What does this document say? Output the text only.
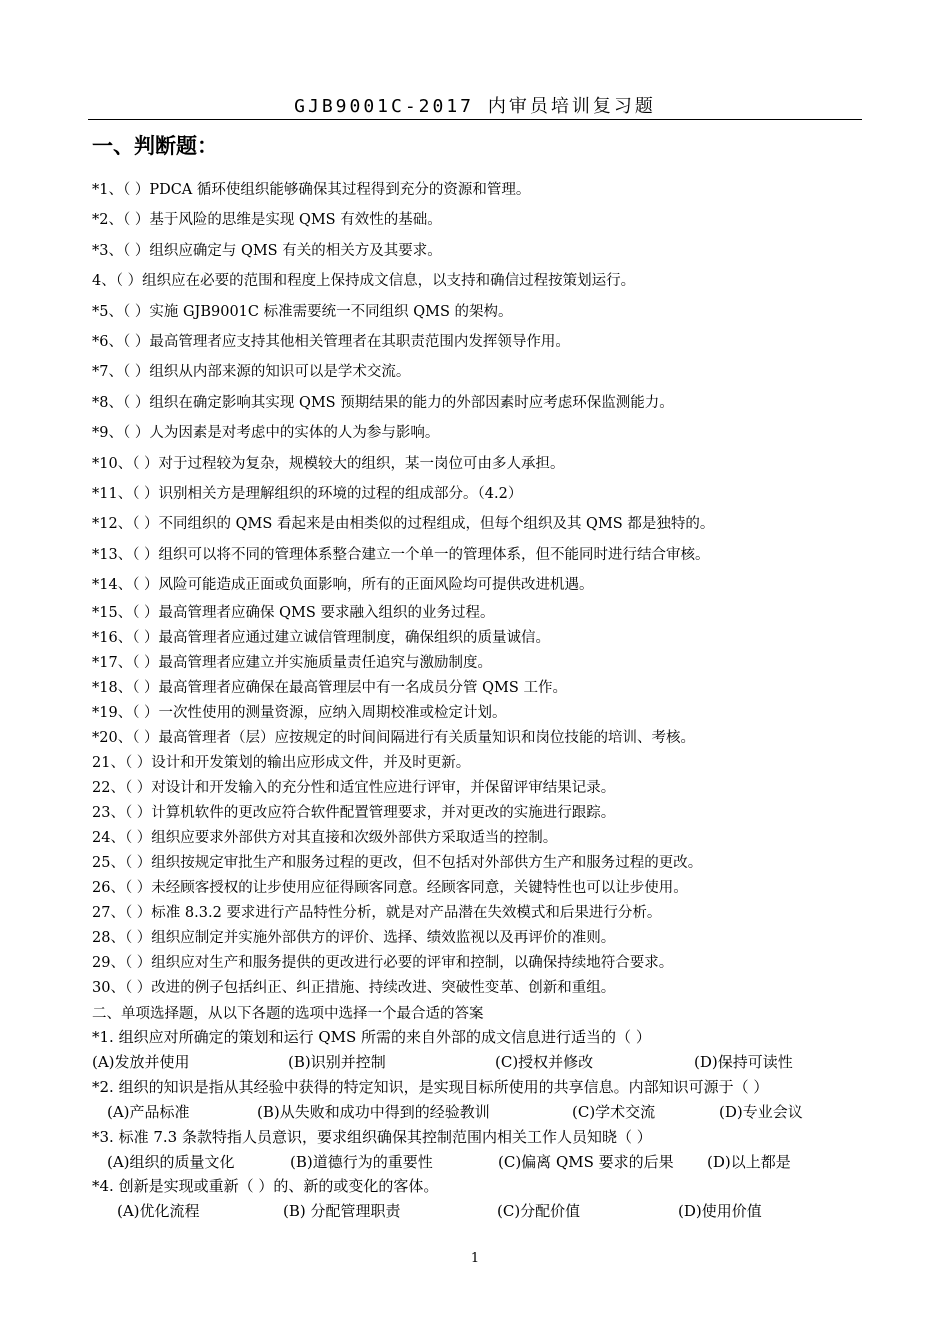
GJB9001C-2017 内审员培训复习题
一、判断题：
*1、（ ）PDCA 循环使组织能够确保其过程得到充分的资源和管理。
*2、（ ）基于风险的思维是实现 QMS 有效性的基础。
*3、（ ）组织应确定与 QMS 有关的相关方及其要求。
4、（ ）组织应在必要的范围和程度上保持成文信息，以支持和确信过程按策划运行。
*5、（ ）实施 GJB9001C 标准需要统一不同组织 QMS 的架构。
*6、（ ）最高管理者应支持其他相关管理者在其职责范围内发挥领导作用。
*7、（ ）组织从内部来源的知识可以是学术交流。
*8、（ ）组织在确定影响其实现 QMS 预期结果的能力的外部因素时应考虑环保监测能力。
*9、（ ）人为因素是对考虑中的实体的人为参与影响。
*10、（ ）对于过程较为复杂，规模较大的组织，某一岗位可由多人承担。
*11、（ ）识别相关方是理解组织的环境的过程的组成部分。（4.2）
*12、（ ）不同组织的 QMS 看起来是由相类似的过程组成，但每个组织及其 QMS 都是独特的。
*13、（ ）组织可以将不同的管理体系整合建立一个单一的管理体系，但不能同时进行结合审核。
*14、（ ）风险可能造成正面或负面影响，所有的正面风险均可提供改进机遇。
*15、（ ）最高管理者应确保 QMS 要求融入组织的业务过程。
*16、（ ）最高管理者应通过建立诚信管理制度，确保组织的质量诚信。
*17、（ ）最高管理者应建立并实施质量责任追究与激励制度。
*18、（ ）最高管理者应确保在最高管理层中有一名成员分管 QMS 工作。
*19、（ ）一次性使用的测量资源，应纳入周期校准或检定计划。
*20、（ ）最高管理者（层）应按规定的时间间隔进行有关质量知识和岗位技能的培训、考核。
21、（ ）设计和开发策划的输出应形成文件，并及时更新。
22、（ ）对设计和开发输入的充分性和适宜性应进行评审，并保留评审结果记录。
23、（ ）计算机软件的更改应符合软件配置管理要求，并对更改的实施进行跟踪。
24、（ ）组织应要求外部供方对其直接和次级外部供方采取适当的控制。
25、（ ）组织按规定审批生产和服务过程的更改，但不包括对外部供方生产和服务过程的更改。
26、（ ）未经顾客授权的让步使用应征得顾客同意。经顾客同意，关键特性也可以让步使用。
27、（ ）标准 8.3.2 要求进行产品特性分析，就是对产品潜在失效模式和后果进行分析。
28、（ ）组织应制定并实施外部供方的评价、选择、绩效监视以及再评价的准则。
29、（ ）组织应对生产和服务提供的更改进行必要的评审和控制，以确保持续地符合要求。
30、（ ）改进的例子包括纠正、纠正措施、持续改进、突破性变革、创新和重组。
二、单项选择题，从以下各题的选项中选择一个最合适的答案
*1. 组织应对所确定的策划和运行 QMS 所需的来自外部的成文信息进行适当的（ ）
(A)发放并使用	(B)识别并控制	(C)授权并修改	(D)保持可读性
*2. 组织的知识是指从其经验中获得的特定知识，是实现目标所使用的共享信息。内部知识可源于（ ）
(A)产品标准	(B)从失败和成功中得到的经验教训	(C)学术交流	(D)专业会议
*3. 标准 7.3 条款特指人员意识，要求组织确保其控制范围内相关工作人员知晓（ ）
(A)组织的质量文化	(B)道德行为的重要性	(C)偏离 QMS 要求的后果 (D)以上都是
*4. 创新是实现或重新（ ）的、新的或变化的客体。
(A)优化流程	(B) 分配管理职责	(C)分配价值	(D)使用价值
1
